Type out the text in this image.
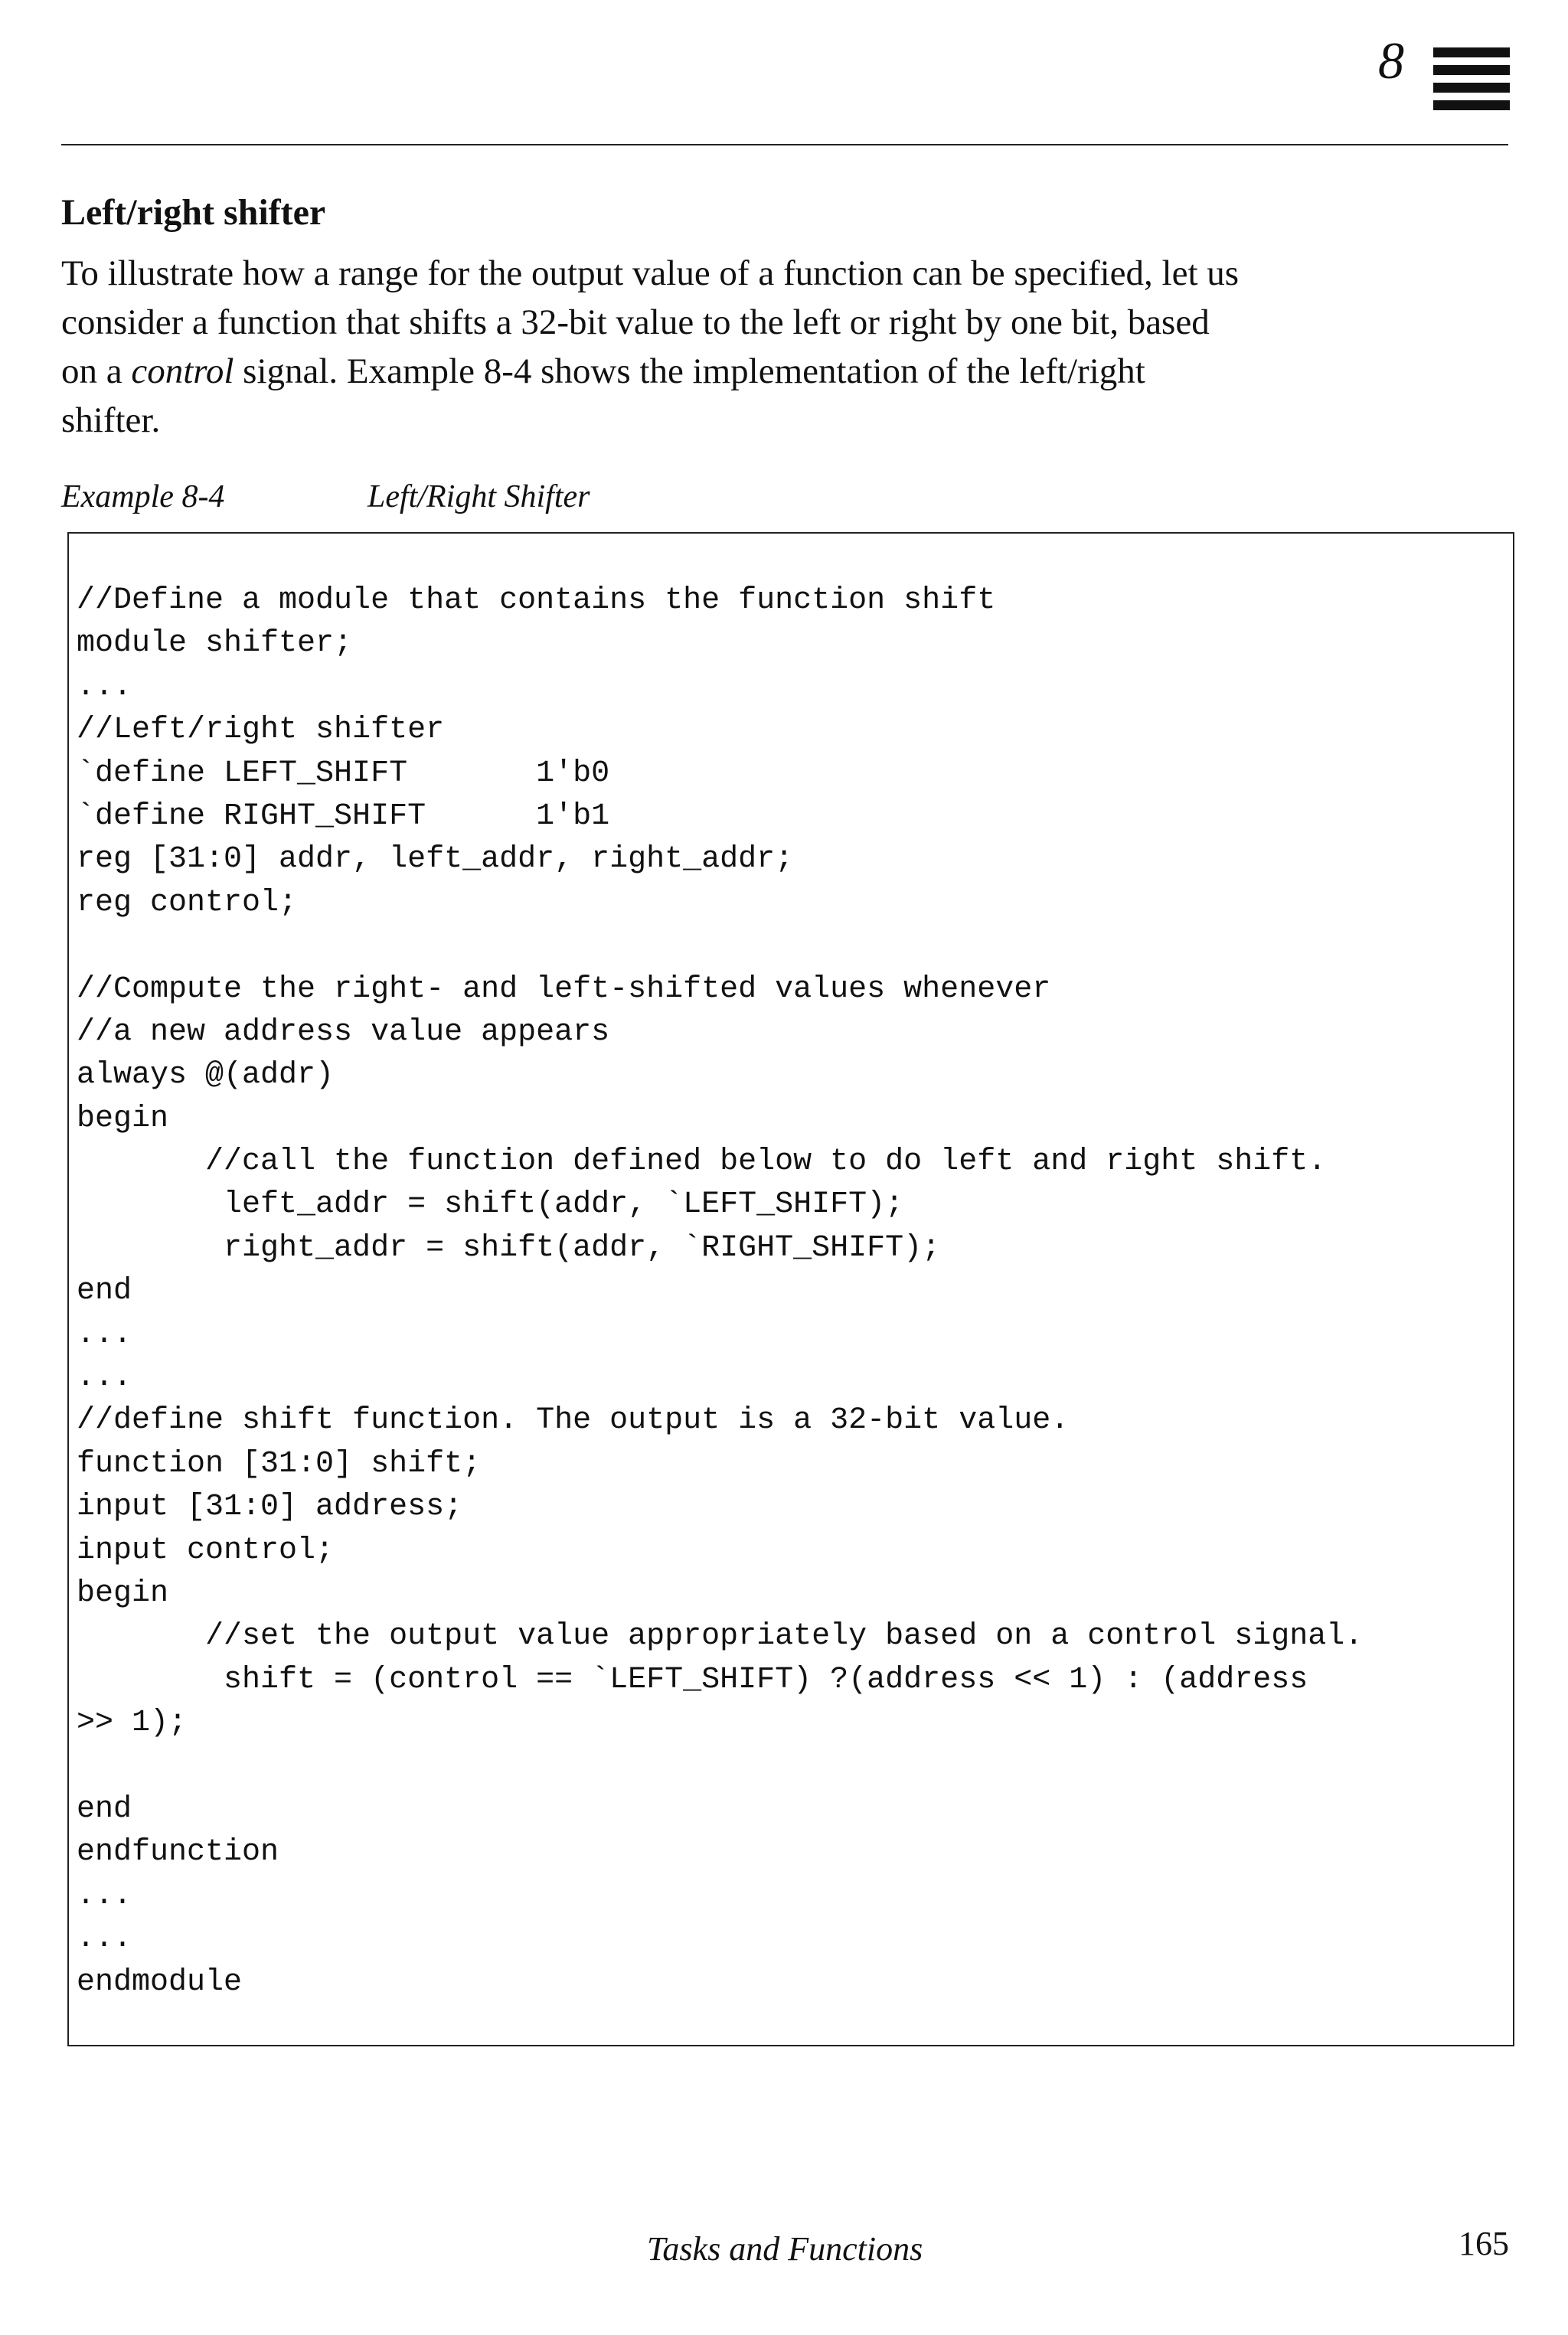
8
Left/right shifter
To illustrate how a range for the output value of a function can be specified, let us
consider a function that shifts a 32-bit value to the left or right by one bit, based
on a control signal. Example 8-4 shows the implementation of the left/right
shifter.
Example 8-4	Left/Right Shifter
//Define a module that contains the function shift
module shifter;
...
//Left/right shifter
`define LEFT_SHIFT       1'b0
`define RIGHT_SHIFT      1'b1
reg [31:0] addr, left_addr, right_addr;
reg control;
//Compute the right- and left-shifted values whenever
//a new address value appears
always @(addr)
begin
//call the function defined below to do left and right shift.
left_addr = shift(addr, `LEFT_SHIFT);
right_addr = shift(addr, `RIGHT_SHIFT);
end
...
...
//define shift function. The output is a 32-bit value.
function [31:0] shift;
input [31:0] address;
input control;
begin
//set the output value appropriately based on a control signal.
shift = (control == `LEFT_SHIFT) ?(address << 1) : (address
>> 1);
end
endfunction
...
...
endmodule
Tasks and Functions	165
